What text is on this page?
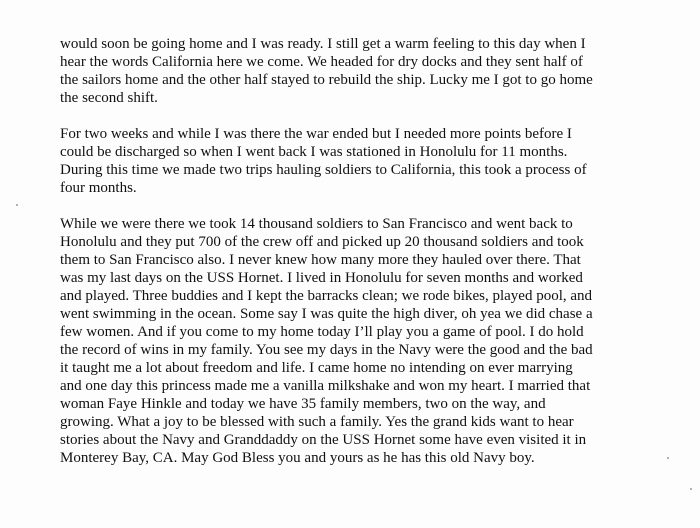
would soon be going home and I was ready. I still get a warm feeling to this day when I
hear the words California here we come. We headed for dry docks and they sent half of
the sailors home and the other half stayed to rebuild the ship. Lucky me I got to go home
the second shift.
For two weeks and while I was there the war ended but I needed more points before I
could be discharged so when I went back I was stationed in Honolulu for 11 months.
During this time we made two trips hauling soldiers to California, this took a process of
four months.
While we were there we took 14 thousand soldiers to San Francisco and went back to
Honolulu and they put 700 of the crew off and picked up 20 thousand soldiers and took
them to San Francisco also. I never knew how many more they hauled over there. That
was my last days on the USS Hornet. I lived in Honolulu for seven months and worked
and played. Three buddies and I kept the barracks clean; we rode bikes, played pool, and
went swimming in the ocean. Some say I was quite the high diver, oh yea we did chase a
few women. And if you come to my home today I’ll play you a game of pool. I do hold
the record of wins in my family. You see my days in the Navy were the good and the bad
it taught me a lot about freedom and life. I came home no intending on ever marrying
and one day this princess made me a vanilla milkshake and won my heart. I married that
woman Faye Hinkle and today we have 35 family members, two on the way, and
growing. What a joy to be blessed with such a family. Yes the grand kids want to hear
stories about the Navy and Granddaddy on the USS Hornet some have even visited it in
Monterey Bay, CA. May God Bless you and yours as he has this old Navy boy.
